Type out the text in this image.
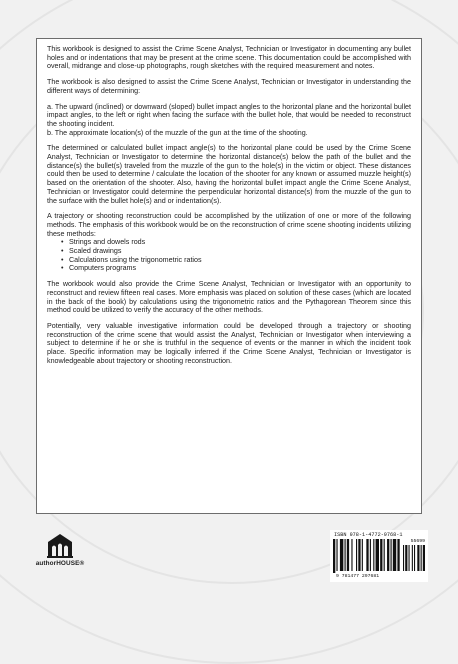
This workbook is designed to assist the Crime Scene Analyst, Technician or Investigator in documenting any bullet holes and or indentations that may be present at the crime scene. This documentation could be accomplished with overall, midrange and close-up photographs, rough sketches with the required measurement and notes.

The workbook is also designed to assist the Crime Scene Analyst, Technician or Investigator in understanding the different ways of determining:

a. The upward (inclined) or downward (sloped) bullet impact angles to the horizontal plane and the horizontal bullet impact angles, to the left or right when facing the surface with the bullet hole, that would be needed to reconstruct the shooting incident.
b. The approximate location(s) of the muzzle of the gun at the time of the shooting.

The determined or calculated bullet impact angle(s) to the horizontal plane could be used by the Crime Scene Analyst, Technician or Investigator to determine the horizontal distance(s) below the path of the bullet and the distance(s) the bullet(s) traveled from the muzzle of the gun to the hole(s) in the victim or object. These distances could then be used to determine / calculate the location of the shooter for any known or assumed muzzle height(s) based on the orientation of the shooter. Also, having the horizontal bullet impact angle the Crime Scene Analyst, Technician or Investigator could determine the perpendicular horizontal distance(s) from the muzzle of the gun to the surface with the bullet hole(s) and or indentation(s).

A trajectory or shooting reconstruction could be accomplished by the utilization of one or more of the following methods. The emphasis of this workbook would be on the reconstruction of crime scene shooting incidents utilizing these methods:

• Strings and dowels rods
• Scaled drawings
• Calculations using the trigonometric ratios
• Computers programs

The workbook would also provide the Crime Scene Analyst, Technician or Investigator with an opportunity to reconstruct and review fifteen real cases. More emphasis was placed on solution of these cases (which are located in the back of the book) by calculations using the trigonometric ratios and the Pythagorean Theorem since this method could be utilized to verify the accuracy of the other methods.

Potentially, very valuable investigative information could be developed through a trajectory or shooting reconstruction of the crime scene that would assist the Analyst, Technician or Investigator when interviewing a subject to determine if he or she is truthful in the sequence of events or the manner in which the incident took place. Specific information may be logically inferred if the Crime Scene Analyst, Technician or Investigator is knowledgeable about trajectory or shooting reconstruction.

authorHOUSE®
ISBN 978-1-4772-9768-1
9 781477 297681
55699
